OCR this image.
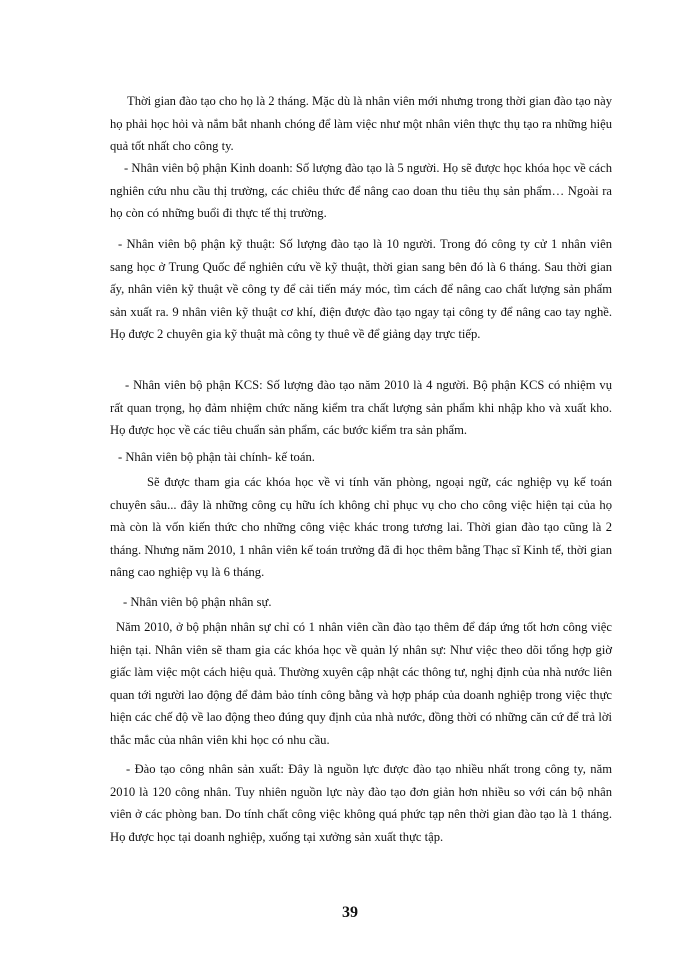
Thời gian đào tạo cho họ là 2 tháng. Mặc dù là nhân viên mới nhưng trong thời gian đào tạo này họ phải học hỏi và nắm bắt nhanh chóng để làm việc như một nhân viên thực thụ tạo ra những hiệu quả tốt nhất cho công ty.

- Nhân viên bộ phận Kinh doanh: Số lượng đào tạo là 5 người. Họ sẽ được học khóa học về cách nghiên cứu nhu cầu thị trường, các chiêu thức để nâng cao doan thu tiêu thụ sản phẩm… Ngoài ra họ còn có những buổi đi thực tế thị trường.

- Nhân viên bộ phận kỹ thuật: Số lượng đào tạo là 10 người. Trong đó công ty cử 1 nhân viên sang học ở Trung Quốc để nghiên cứu về kỹ thuật, thời gian sang bên đó là 6 tháng. Sau thời gian ấy, nhân viên kỹ thuật về công ty để cải tiến máy móc, tìm cách để nâng cao chất lượng sản phẩm sản xuất ra. 9 nhân viên kỹ thuật cơ khí, điện được đào tạo ngay tại công ty để nâng cao tay nghề. Họ được 2 chuyên gia kỹ thuật mà công ty thuê về để giảng dạy trực tiếp.

- Nhân viên bộ phận KCS: Số lượng đào tạo năm 2010 là 4 người. Bộ phận KCS có nhiệm vụ rất quan trọng, họ đảm nhiệm chức năng kiểm tra chất lượng sản phẩm khi nhập kho và xuất kho. Họ được học về các tiêu chuẩn sản phẩm, các bước kiểm tra sản phẩm.

- Nhân viên bộ phận tài chính- kế toán.

Sẽ được tham gia các khóa học về vi tính văn phòng, ngoại ngữ, các nghiệp vụ kế toán chuyên sâu... đây là những công cụ hữu ích không chỉ phục vụ cho cho công việc hiện tại của họ mà còn là vốn kiến thức cho những công việc khác trong tương lai. Thời gian đào tạo cũng là 2 tháng. Nhưng năm 2010, 1 nhân viên kế toán trưởng đã đi học thêm bằng Thạc sĩ Kinh tế, thời gian nâng cao nghiệp vụ là 6 tháng.

- Nhân viên bộ phận nhân sự.

Năm 2010, ở bộ phận nhân sự chỉ có 1 nhân viên cần đào tạo thêm để đáp ứng tốt hơn công việc hiện tại. Nhân viên sẽ tham gia các khóa học về quản lý nhân sự: Như việc theo dõi tổng hợp giờ giấc làm việc một cách hiệu quả. Thường xuyên cập nhật các thông tư, nghị định của nhà nước liên quan tới người lao động để đảm bảo tính công bằng và hợp pháp của doanh nghiệp trong việc thực hiện các chế độ về lao động theo đúng quy định của nhà nước, đồng thời có những căn cứ để trả lời thắc mắc của nhân viên khi học có nhu cầu.

- Đào tạo công nhân sản xuất: Đây là nguồn lực được đào tạo nhiều nhất trong công ty, năm 2010 là 120 công nhân. Tuy nhiên nguồn lực này đào tạo đơn giản hơn nhiều so với cán bộ nhân viên ở các phòng ban. Do tính chất công việc không quá phức tạp nên thời gian đào tạo là 1 tháng. Họ được học tại doanh nghiệp, xuống tại xưởng sản xuất thực tập.

39
